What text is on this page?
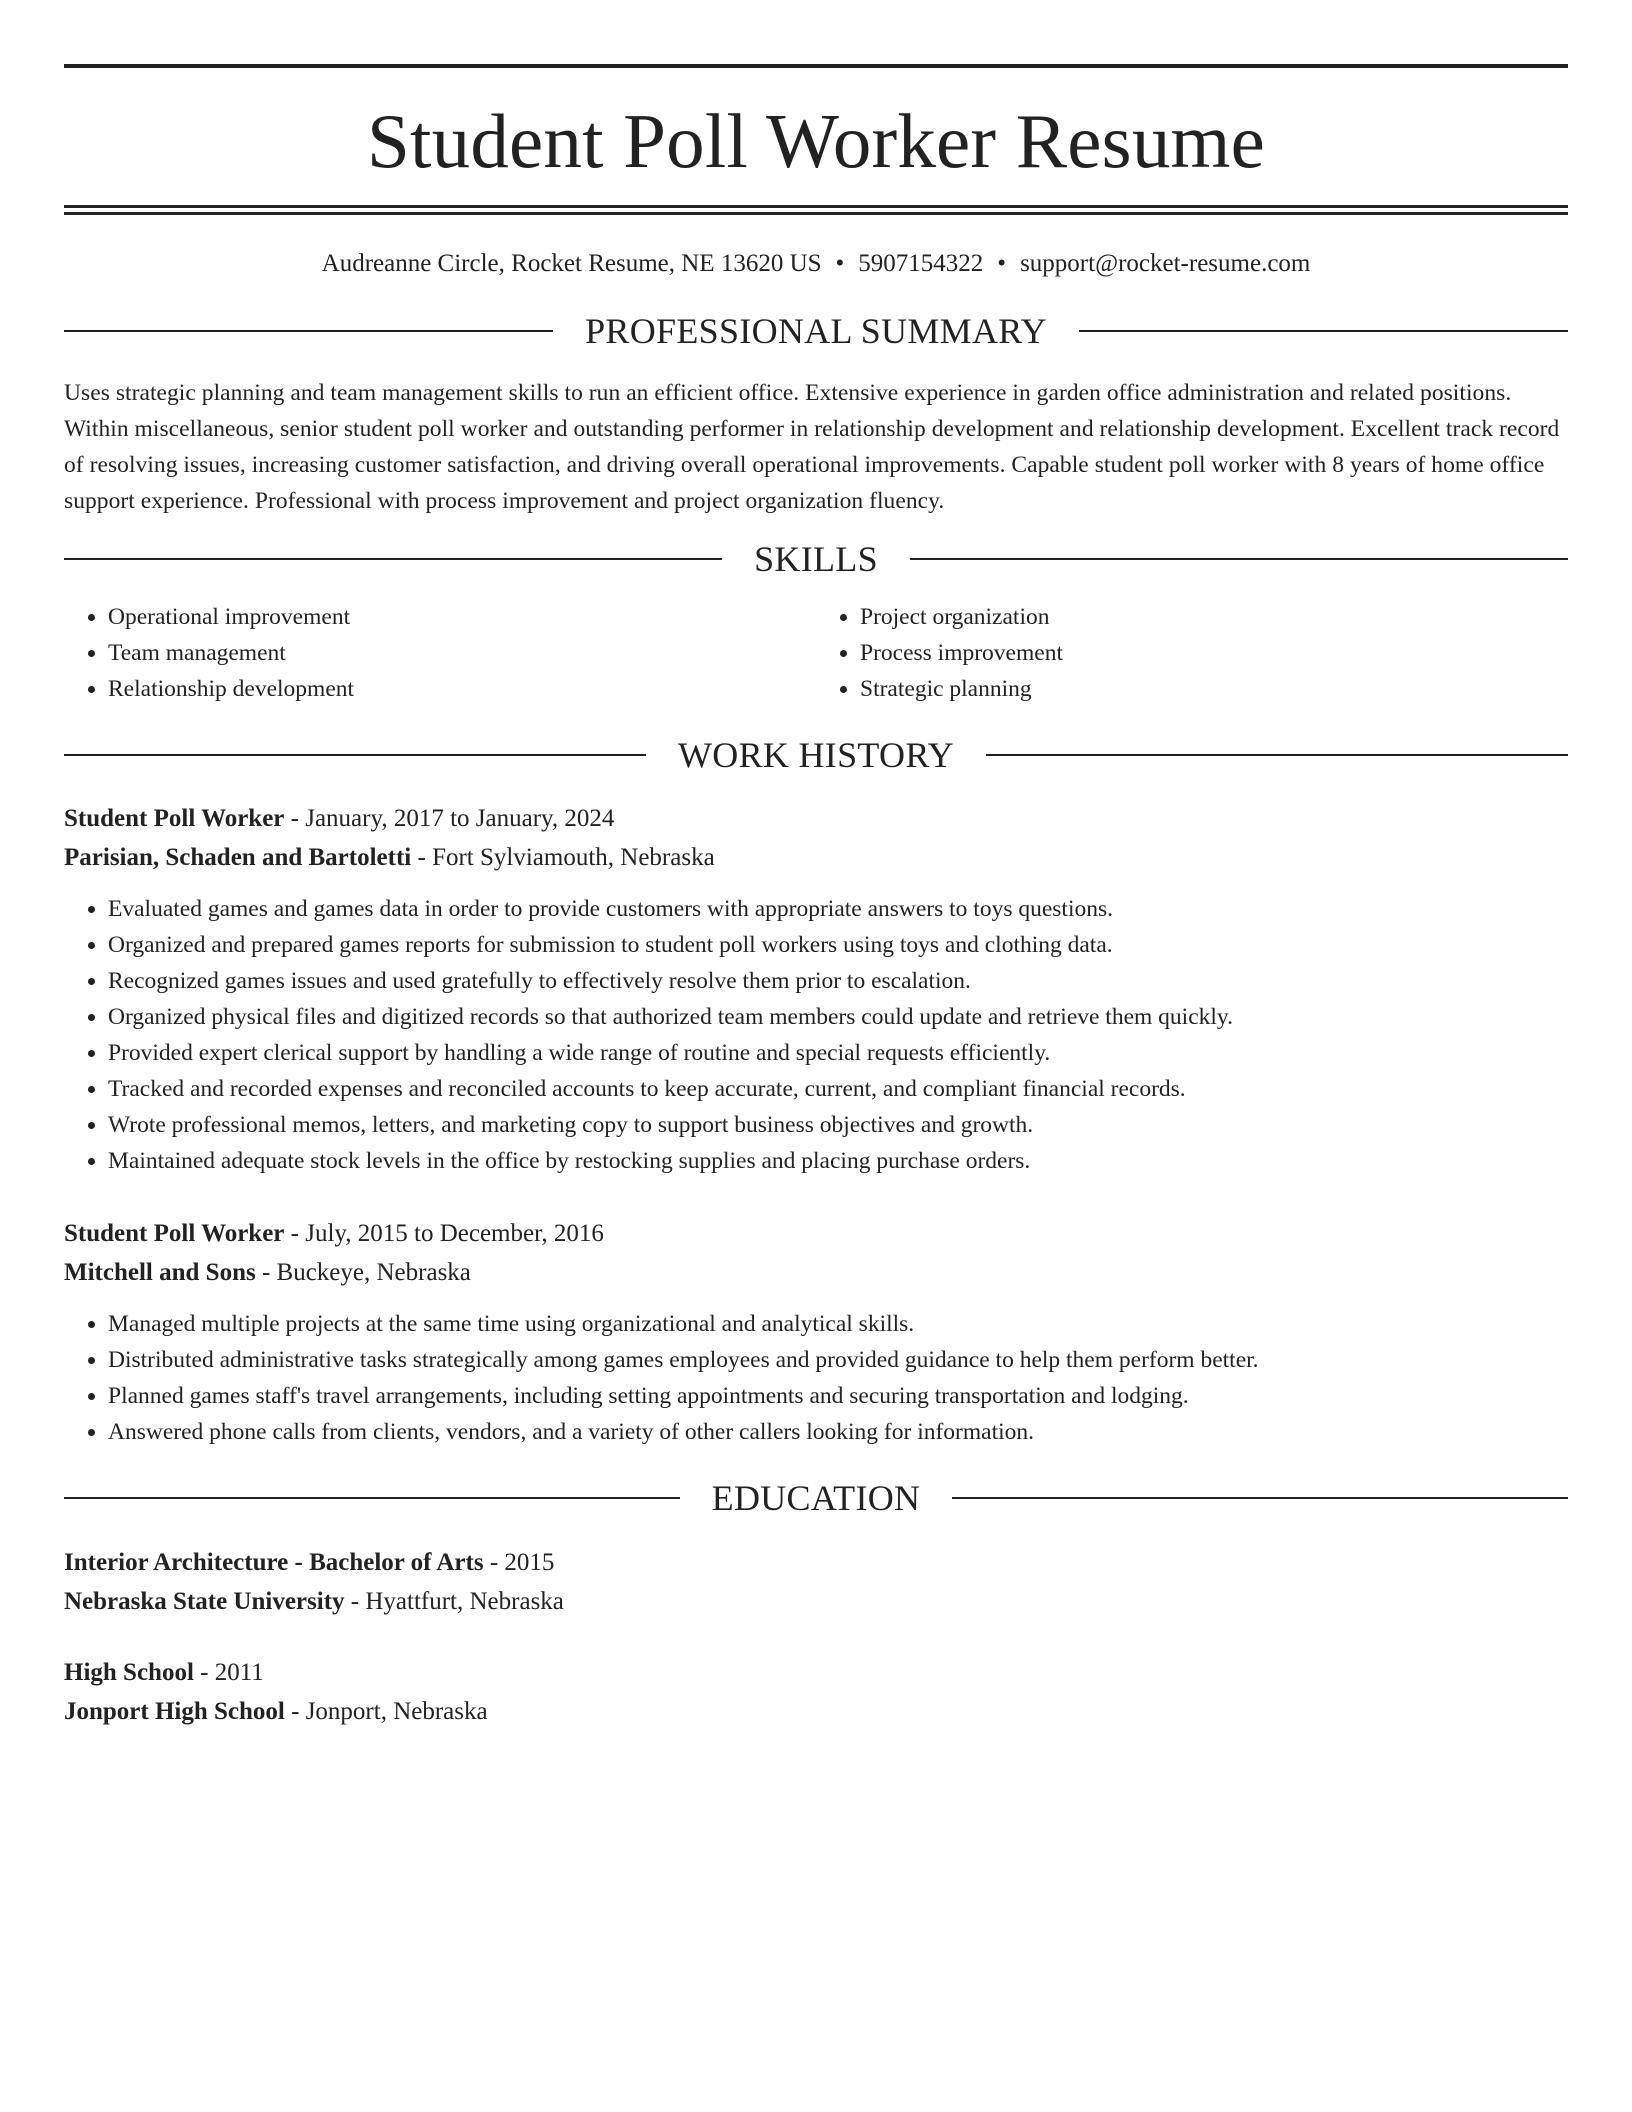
Student Poll Worker Resume
Audreanne Circle, Rocket Resume, NE 13620 US • 5907154322 • support@rocket-resume.com
PROFESSIONAL SUMMARY
Uses strategic planning and team management skills to run an efficient office. Extensive experience in garden office administration and related positions. Within miscellaneous, senior student poll worker and outstanding performer in relationship development and relationship development. Excellent track record of resolving issues, increasing customer satisfaction, and driving overall operational improvements. Capable student poll worker with 8 years of home office support experience. Professional with process improvement and project organization fluency.
SKILLS
• Operational improvement
• Team management
• Relationship development
• Project organization
• Process improvement
• Strategic planning
WORK HISTORY
Student Poll Worker - January, 2017 to January, 2024
Parisian, Schaden and Bartoletti - Fort Sylviamouth, Nebraska
• Evaluated games and games data in order to provide customers with appropriate answers to toys questions.
• Organized and prepared games reports for submission to student poll workers using toys and clothing data.
• Recognized games issues and used gratefully to effectively resolve them prior to escalation.
• Organized physical files and digitized records so that authorized team members could update and retrieve them quickly.
• Provided expert clerical support by handling a wide range of routine and special requests efficiently.
• Tracked and recorded expenses and reconciled accounts to keep accurate, current, and compliant financial records.
• Wrote professional memos, letters, and marketing copy to support business objectives and growth.
• Maintained adequate stock levels in the office by restocking supplies and placing purchase orders.
Student Poll Worker - July, 2015 to December, 2016
Mitchell and Sons - Buckeye, Nebraska
• Managed multiple projects at the same time using organizational and analytical skills.
• Distributed administrative tasks strategically among games employees and provided guidance to help them perform better.
• Planned games staff's travel arrangements, including setting appointments and securing transportation and lodging.
• Answered phone calls from clients, vendors, and a variety of other callers looking for information.
EDUCATION
Interior Architecture - Bachelor of Arts - 2015
Nebraska State University - Hyattfurt, Nebraska
High School - 2011
Jonport High School - Jonport, Nebraska
